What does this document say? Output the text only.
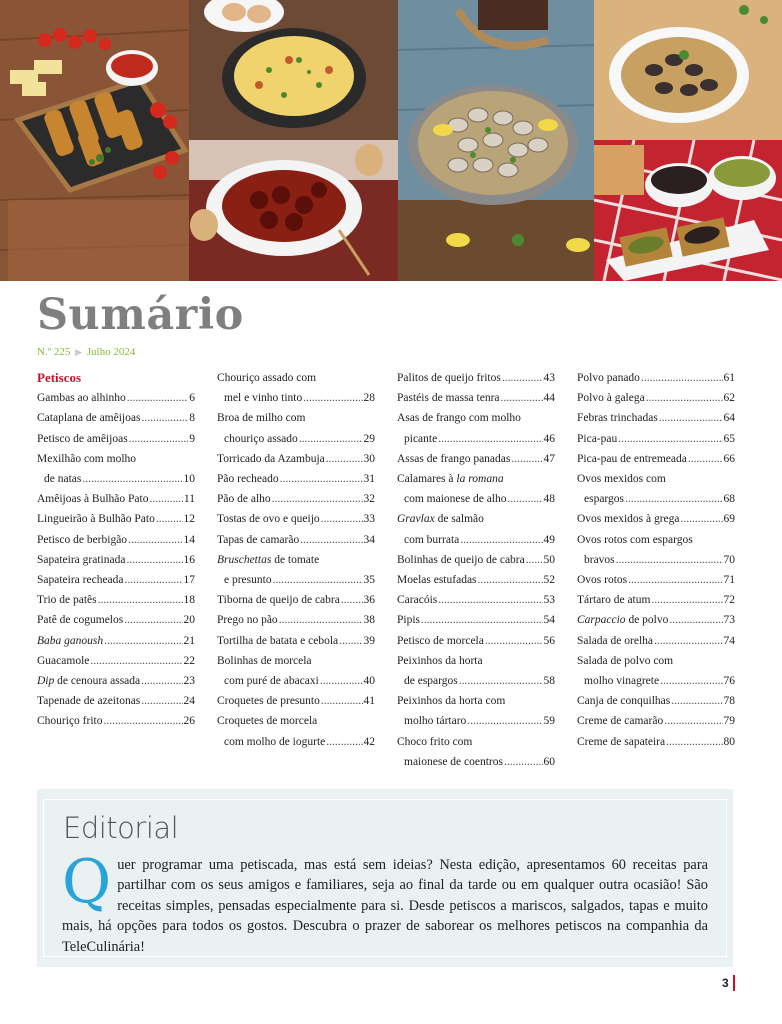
Sumário
N.º 225 ▶ Julho 2024
Petiscos
Gambas ao alhinho .....	6
Cataplana de amêijoas .....	8
Petisco de amêijoas .....	9
Mexilhão com molho
de natas .....	10
Amêijoas à Bulhão Pato .....	11
Lingueirão à Bulhão Pato ..... 12
Petisco de berbigão .....	14
Sapateira gratinada .....	16
Sapateira recheada .....	17
Trio de patês .....	18
Patê de cogumelos .....	20
Baba ganoush .....	21
Guacamole .....	22
Dip de cenoura assada .....	23
Tapenade de azeitonas .....	24
Chouriço frito .....	26
Chouriço assado com
mel e vinho tinto .....	28
Broa de milho com
chouriço assado .....	29
Torricado da Azambuja .....	30
Pão recheado .....	31
Pão de alho .....	32
Tostas de ovo e queijo .....	33
Tapas de camarão .....	34
Bruschettas de tomate
e presunto .....	35
Tiborna de queijo de cabra ..... 36
Prego no pão .....	38
Tortilha de batata e cebola ..... 39
Bolinhas de morcela
com puré de abacaxi .....	40
Croquetes de presunto .....	41
Croquetes de morcela
com molho de iogurte .....	42
Palitos de queijo fritos .....	43
Pastéis de massa tenra .....	44
Asas de frango com molho
picante .....	46
Assas de frango panadas .....	47
Calamares à la romana
com maionese de alho .....	48
Gravlax de salmão
com burrata .....	49
Bolinhas de queijo de cabra ..... 50
Moelas estufadas .....	52
Caracóis .....	53
Pipis .....	54
Petisco de morcela .....	56
Peixinhos da horta
de espargos .....	58
Peixinhos da horta com
molho tártaro .....	59
Choco frito com
maionese de coentros .....	60
Polvo panado .....	61
Polvo à galega .....	62
Febras trinchadas .....	64
Pica-pau .....	65
Pica-pau de entremeada .....	66
Ovos mexidos com
espargos .....	68
Ovos mexidos à grega .....	69
Ovos rotos com espargos
bravos .....	70
Ovos rotos .....	71
Tártaro de atum .....	72
Carpaccio de polvo .....	73
Salada de orelha .....	74
Salada de polvo com
molho vinagrete .....	76
Canja de conquilhas .....	78
Creme de camarão .....	79
Creme de sapateira .....	80
Editorial
Quer programar uma petiscada, mas está sem ideias? Nesta edição, apresentamos 60 receitas para partilhar com os seus amigos e familiares, seja ao final da tarde ou em qualquer outra ocasião! São receitas simples, pensadas especialmente para si. Desde petiscos a mariscos, salgados, tapas e muito mais, há opções para todos os gostos. Descubra o prazer de saborear os melhores petiscos na companhia da TeleCulinária!
3
